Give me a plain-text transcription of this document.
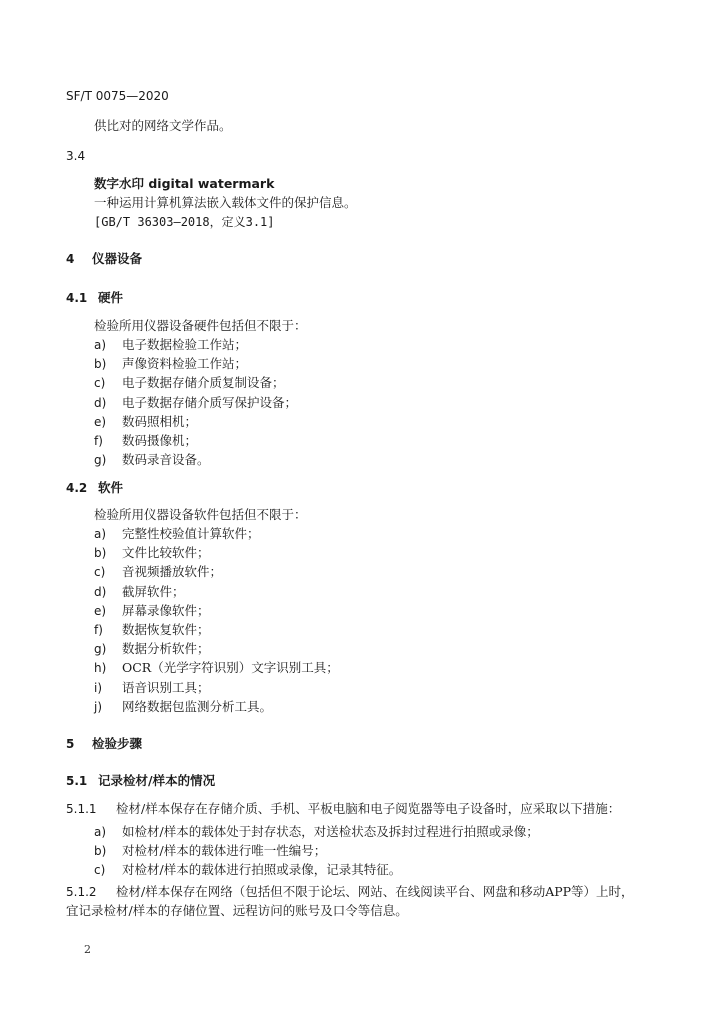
SF/T 0075—2020
供比对的网络文学作品。
3.4
数字水印 digital watermark
一种运用计算机算法嵌入载体文件的保护信息。
[GB/T 36303—2018，定义3.1]
4 仪器设备
4.1 硬件
检验所用仪器设备硬件包括但不限于：
a) 电子数据检验工作站；
b) 声像资料检验工作站；
c) 电子数据存储介质复制设备；
d) 电子数据存储介质写保护设备；
e) 数码照相机；
f) 数码摄像机；
g) 数码录音设备。
4.2 软件
检验所用仪器设备软件包括但不限于：
a) 完整性校验值计算软件；
b) 文件比较软件；
c) 音视频播放软件；
d) 截屏软件；
e) 屏幕录像软件；
f) 数据恢复软件；
g) 数据分析软件；
h) OCR（光学字符识别）文字识别工具；
i) 语音识别工具；
j) 网络数据包监测分析工具。
5 检验步骤
5.1 记录检材/样本的情况
5.1.1 检材/样本保存在存储介质、手机、平板电脑和电子阅览器等电子设备时，应采取以下措施：
a) 如检材/样本的载体处于封存状态，对送检状态及拆封过程进行拍照或录像；
b) 对检材/样本的载体进行唯一性编号；
c) 对检材/样本的载体进行拍照或录像，记录其特征。
5.1.2 检材/样本保存在网络（包括但不限于论坛、网站、在线阅读平台、网盘和移动APP等）上时，
宜记录检材/样本的存储位置、远程访问的账号及口令等信息。
2
